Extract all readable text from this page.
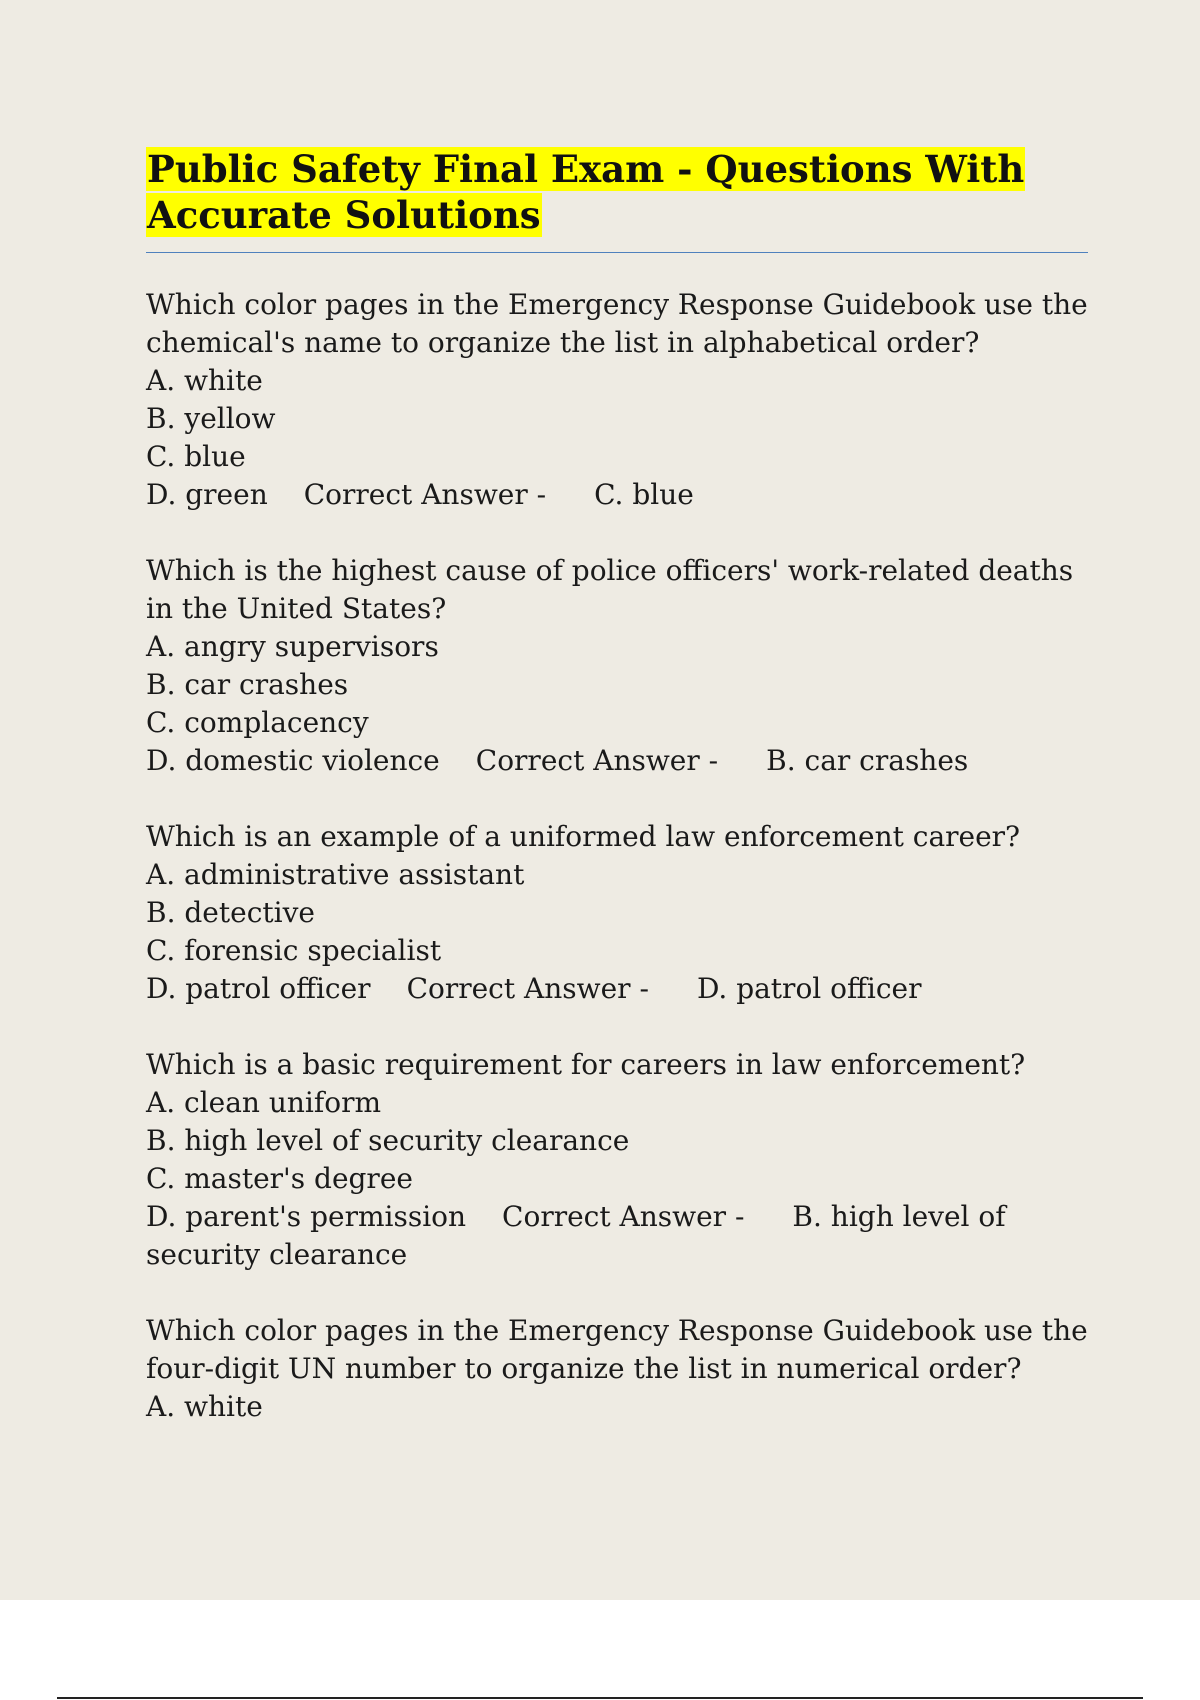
Public Safety Final Exam - Questions With Accurate Solutions
Which color pages in the Emergency Response Guidebook use the chemical's name to organize the list in alphabetical order?
A. white
B. yellow
C. blue
D. green Correct Answer - C. blue
Which is the highest cause of police officers' work-related deaths in the United States?
A. angry supervisors
B. car crashes
C. complacency
D. domestic violence Correct Answer - B. car crashes
Which is an example of a uniformed law enforcement career?
A. administrative assistant
B. detective
C. forensic specialist
D. patrol officer Correct Answer - D. patrol officer
Which is a basic requirement for careers in law enforcement?
A. clean uniform
B. high level of security clearance
C. master's degree
D. parent's permission Correct Answer - B. high level of security clearance
Which color pages in the Emergency Response Guidebook use the four-digit UN number to organize the list in numerical order?
A. white
